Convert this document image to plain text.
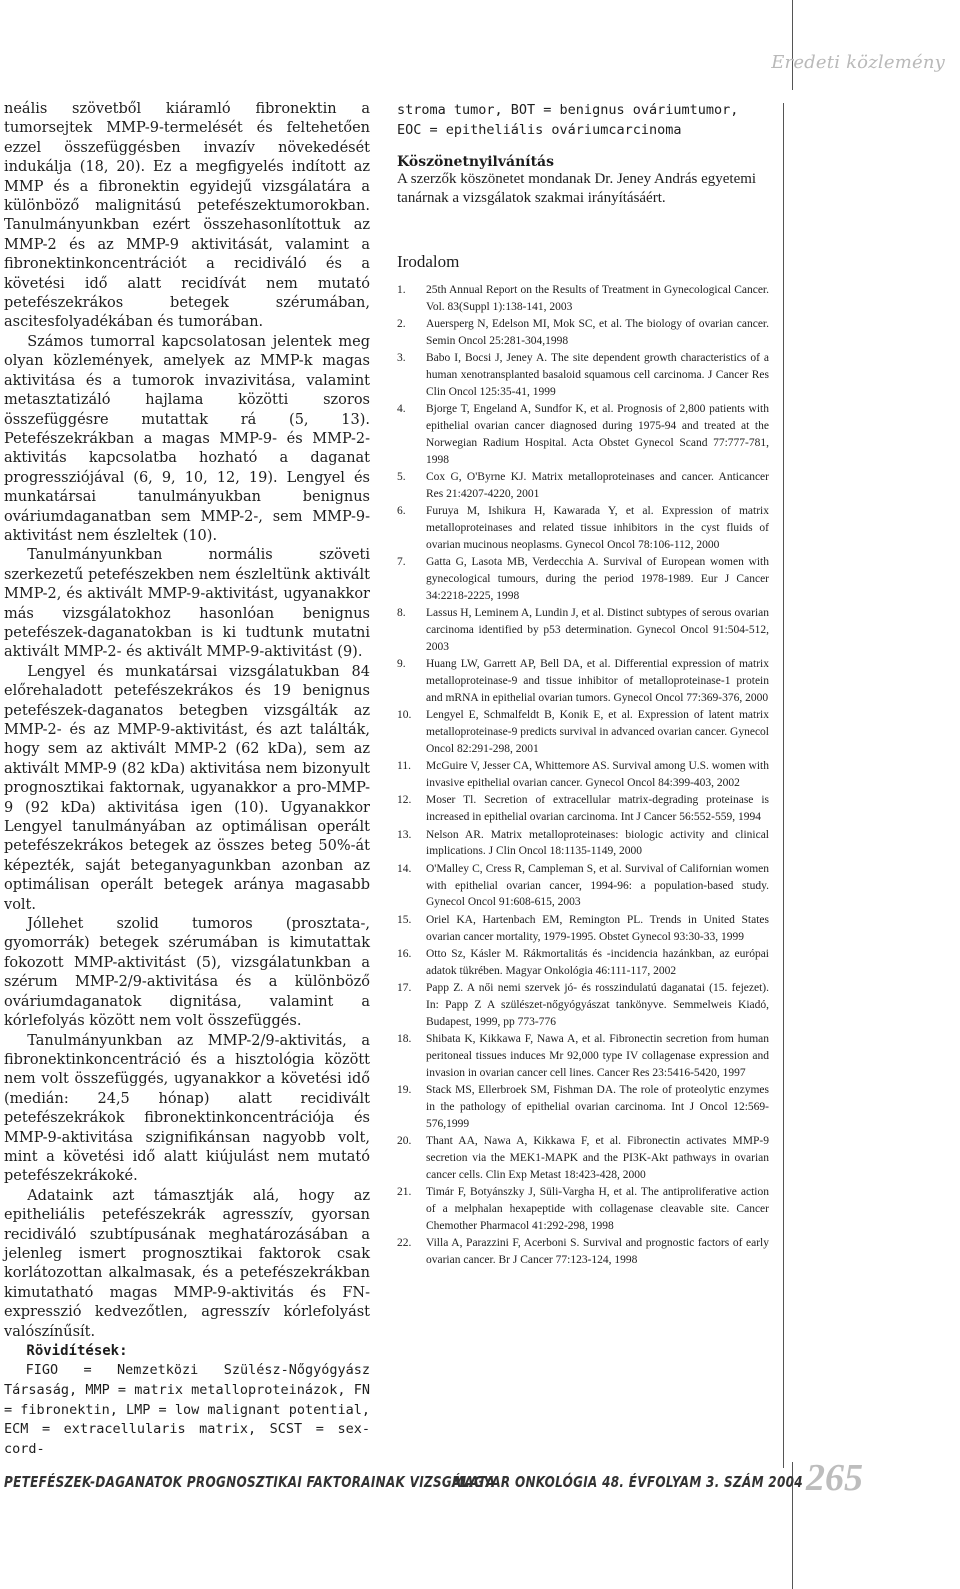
Eredeti közlemény

neális szövetből kiáramló fibronektin a tumorsejtek MMP-9-termelését és feltehetően ezzel összefüggésben invazív növekedését indukálja (18, 20). Ez a megfigyelés indított az MMP és a fibronektin egyidejű vizsgálatára a különböző malignitású petefészektumorokban. Tanulmányunkban ezért összehasonlítottuk az MMP-2 és az MMP-9 aktivitását, valamint a fibronektinkoncentrációt a recidiváló és a követési idő alatt recidívát nem mutató petefészekrákos betegek szérumában, ascitesfolyadékában és tumorában.

Számos tumorral kapcsolatosan jelentek meg olyan közlemények, amelyek az MMP-k magas aktivitása és a tumorok invazivitása, valamint metasztatizáló hajlama közötti szoros összefüggésre mutattak rá (5, 13). Petefészekrákban a magas MMP-9- és MMP-2-aktivitás kapcsolatba hozható a daganat progressziójával (6, 9, 10, 12, 19). Lengyel és munkatársai tanulmányukban benignus ováriumdaganatban sem MMP-2-, sem MMP-9-aktivitást nem észleltek (10).

Tanulmányunkban normális szöveti szerkezetű petefészekben nem észleltünk aktivált MMP-2, és aktivált MMP-9-aktivitást, ugyanakkor más vizsgálatokhoz hasonlóan benignus petefészek-daganatokban is ki tudtunk mutatni aktivált MMP-2- és aktivált MMP-9-aktivitást (9).

Lengyel és munkatársai vizsgálatukban 84 előrehaladott petefészekrákos és 19 benignus petefészek-daganatos betegben vizsgálták az MMP-2- és az MMP-9-aktivitást, és azt találták, hogy sem az aktivált MMP-2 (62 kDa), sem az aktivált MMP-9 (82 kDa) aktivitása nem bizonyult prognosztikai faktornak, ugyanakkor a pro-MMP-9 (92 kDa) aktivitása igen (10). Ugyanakkor Lengyel tanulmányában az optimálisan operált petefészekrákos betegek az összes beteg 50%-át képezték, saját beteganyagunkban azonban az optimálisan operált betegek aránya magasabb volt.

Jóllehet szolid tumoros (prosztata-, gyomorrák) betegek szérumában is kimutattak fokozott MMP-aktivitást (5), vizsgálatunkban a szérum MMP-2/9-aktivitása és a különböző ováriumdaganatok dignitása, valamint a kórlefolyás között nem volt összefüggés.

Tanulmányunkban az MMP-2/9-aktivitás, a fibronektinkoncentráció és a hisztológia között nem volt összefüggés, ugyanakkor a követési idő (medián: 24,5 hónap) alatt recidivált petefészekrákok fibronektinkoncentrációja és MMP-9-aktivitása szignifikánsan nagyobb volt, mint a követési idő alatt kiújulást nem mutató petefészekrákoké.

Adataink azt támasztják alá, hogy az epitheliális petefészekrák agresszív, gyorsan recidiváló szubtípusának meghatározásában a jelenleg ismert prognosztikai faktorok csak korlátozottan alkalmasak, és a petefészekrákban kimutatható magas MMP-9-aktivitás és FN-expresszió kedvezőtlen, agresszív kórlefolyást valószínűsít.

Rövidítések:

FIGO = Nemzetközi Szülész-Nőgyógyász Társaság, MMP = matrix metalloproteinázok, FN = fibronektin, LMP = low malignant potential, ECM = extracellularis matrix, SCST = sex-cord-

stroma tumor, BOT = benignus ováriumtumor, EOC = epitheliális ováriumcarcinoma

Köszönetnyilvánítás

A szerzők köszönetet mondanak Dr. Jeney András egyetemi tanárnak a vizsgálatok szakmai irányításáért.

Irodalom

1. 25th Annual Report on the Results of Treatment in Gynecological Cancer. Vol. 83(Suppl 1):138-141, 2003
2. Auersperg N, Edelson MI, Mok SC, et al. The biology of ovarian cancer. Semin Oncol 25:281-304,1998
3. Babo I, Bocsi J, Jeney A. The site dependent growth characteristics of a human xenotransplanted basaloid squamous cell carcinoma. J Cancer Res Clin Oncol 125:35-41, 1999
4. Bjorge T, Engeland A, Sundfor K, et al. Prognosis of 2,800 patients with epithelial ovarian cancer diagnosed during 1975-94 and treated at the Norwegian Radium Hospital. Acta Obstet Gynecol Scand 77:777-781, 1998
5. Cox G, O'Byrne KJ. Matrix metalloproteinases and cancer. Anticancer Res 21:4207-4220, 2001
6. Furuya M, Ishikura H, Kawarada Y, et al. Expression of matrix metalloproteinases and related tissue inhibitors in the cyst fluids of ovarian mucinous neoplasms. Gynecol Oncol 78:106-112, 2000
7. Gatta G, Lasota MB, Verdecchia A. Survival of European women with gynecological tumours, during the period 1978-1989. Eur J Cancer 34:2218-2225, 1998
8. Lassus H, Leminem A, Lundin J, et al. Distinct subtypes of serous ovarian carcinoma identified by p53 determination. Gynecol Oncol 91:504-512, 2003
9. Huang LW, Garrett AP, Bell DA, et al. Differential expression of matrix metalloproteinase-9 and tissue inhibitor of metalloproteinase-1 protein and mRNA in epithelial ovarian tumors. Gynecol Oncol 77:369-376, 2000
10. Lengyel E, Schmalfeldt B, Konik E, et al. Expression of latent matrix metalloproteinase-9 predicts survival in advanced ovarian cancer. Gynecol Oncol 82:291-298, 2001
11. McGuire V, Jesser CA, Whittemore AS. Survival among U.S. women with invasive epithelial ovarian cancer. Gynecol Oncol 84:399-403, 2002
12. Moser Tl. Secretion of extracellular matrix-degrading proteinase is increased in epithelial ovarian carcinoma. Int J Cancer 56:552-559, 1994
13. Nelson AR. Matrix metalloproteinases: biologic activity and clinical implications. J Clin Oncol 18:1135-1149, 2000
14. O'Malley C, Cress R, Campleman S, et al. Survival of Californian women with epithelial ovarian cancer, 1994-96: a population-based study. Gynecol Oncol 91:608-615, 2003
15. Oriel KA, Hartenbach EM, Remington PL. Trends in United States ovarian cancer mortality, 1979-1995. Obstet Gynecol 93:30-33, 1999
16. Otto Sz, Kásler M. Rákmortalitás és -incidencia hazánkban, az európai adatok tükrében. Magyar Onkológia 46:111-117, 2002
17. Papp Z. A női nemi szervek jó- és rosszindulatú daganatai (15. fejezet). In: Papp Z A szülészet-nőgyógyászat tankönyve. Semmelweis Kiadó, Budapest, 1999, pp 773-776
18. Shibata K, Kikkawa F, Nawa A, et al. Fibronectin secretion from human peritoneal tissues induces Mr 92,000 type IV collagenase expression and invasion in ovarian cancer cell lines. Cancer Res 23:5416-5420, 1997
19. Stack MS, Ellerbroek SM, Fishman DA. The role of proteolytic enzymes in the pathology of epithelial ovarian carcinoma. Int J Oncol 12:569-576,1999
20. Thant AA, Nawa A, Kikkawa F, et al. Fibronectin activates MMP-9 secretion via the MEK1-MAPK and the PI3K-Akt pathways in ovarian cancer cells. Clin Exp Metast 18:423-428, 2000
21. Timár F, Botyánszky J, Süli-Vargha H, et al. The antiproliferative action of a melphalan hexapeptide with collagenase cleavable site. Cancer Chemother Pharmacol 41:292-298, 1998
22. Villa A, Parazzini F, Acerboni S. Survival and prognostic factors of early ovarian cancer. Br J Cancer 77:123-124, 1998
PETEFÉSZEK-DAGANATOK PROGNOSZTIKAI FAKTORAINAK VIZSGÁLATA
MAGYAR ONKOLÓGIA 48. ÉVFOLYAM 3. SZÁM 2004 265
